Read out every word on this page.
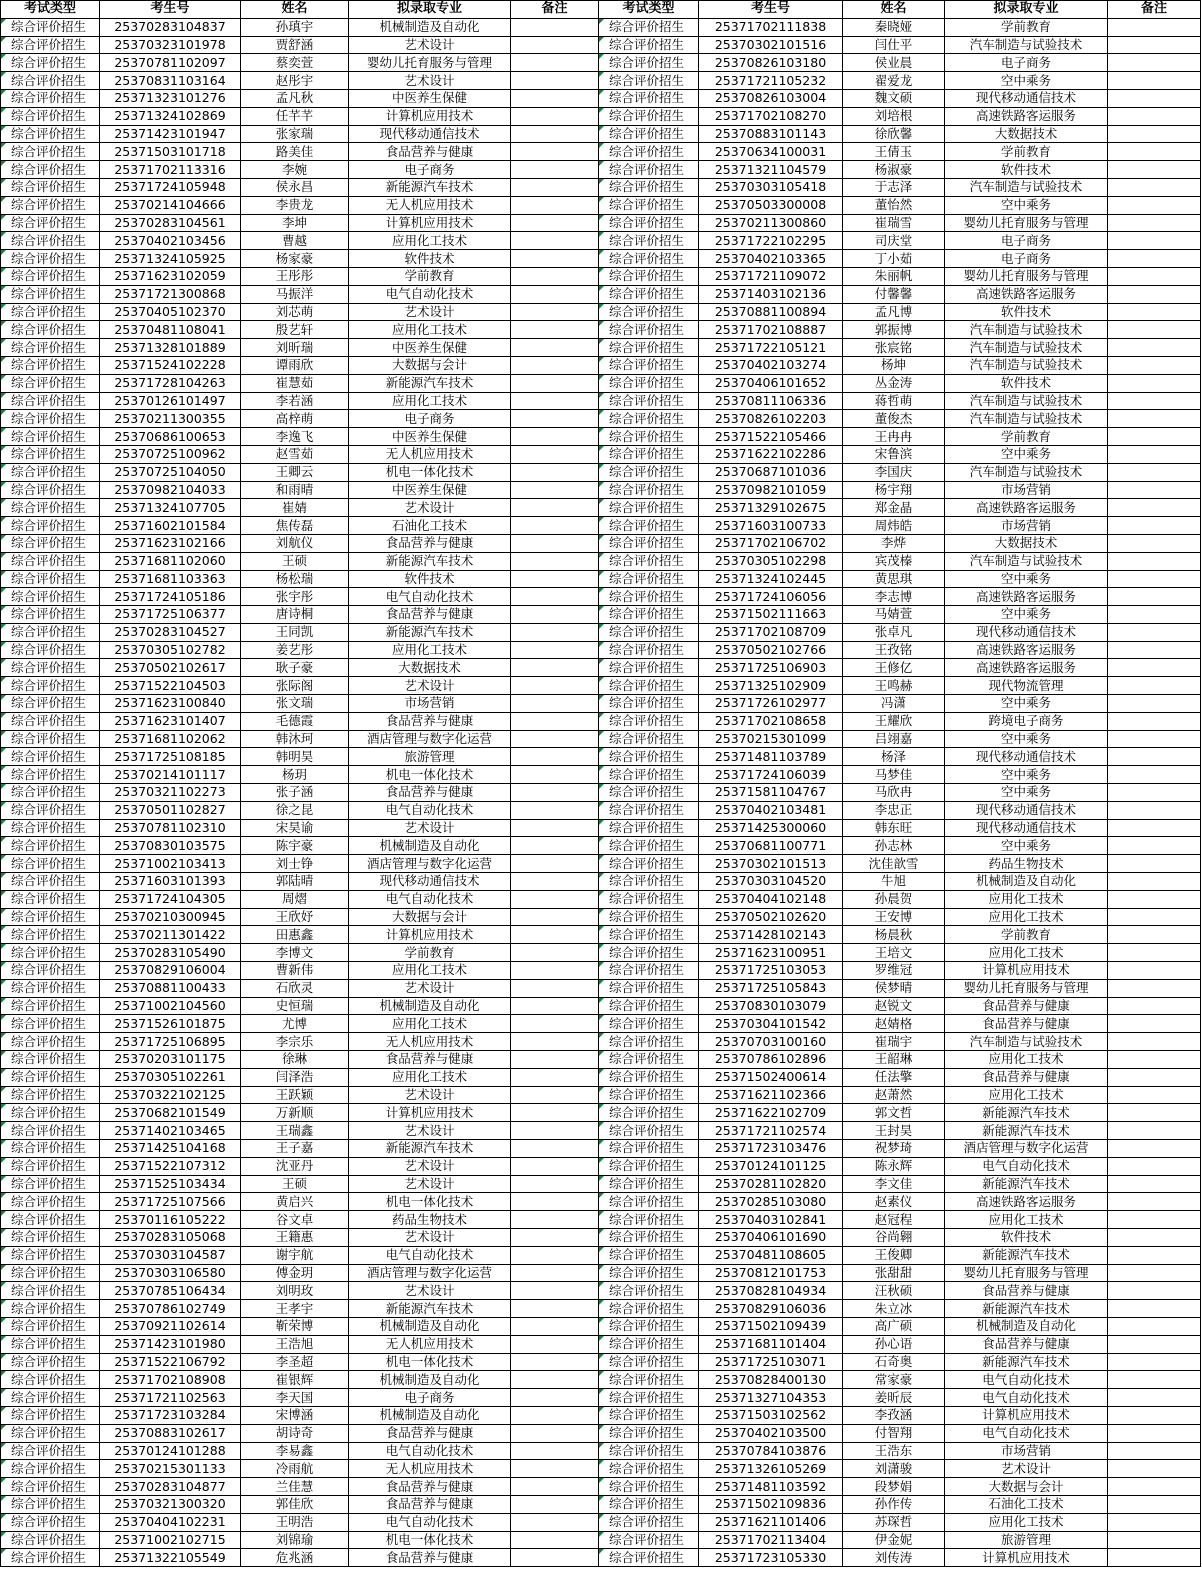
考试类型	考生号	姓名	拟录取专业	备注	考试类型	考生号	姓名	拟录取专业	备注
综合评价招生	25370283104837	孙瑱宇	机械制造及自动化		综合评价招生	25371702111838	秦晓娅	学前教育	
综合评价招生	25370323101978	贾舒涵	艺术设计		综合评价招生	25370302101516	闫仕平	汽车制造与试验技术	
综合评价招生	25370781102097	蔡奕萱	婴幼儿托育服务与管理		综合评价招生	25370826103180	侯业晨	电子商务	
综合评价招生	25370831103164	赵彤宇	艺术设计		综合评价招生	25371721105232	翟爱龙	空中乘务	
综合评价招生	25371323101276	孟凡秋	中医养生保健		综合评价招生	25370826103004	魏文硕	现代移动通信技术	
综合评价招生	25371324102869	任芊芊	计算机应用技术		综合评价招生	25371702108270	刘培根	高速铁路客运服务	
综合评价招生	25371423101947	张家瑞	现代移动通信技术		综合评价招生	25370883101143	徐欣馨	大数据技术	
综合评价招生	25371503101718	路美佳	食品营养与健康		综合评价招生	25370634100031	王倩玉	学前教育	
综合评价招生	25371702113316	李婉	电子商务		综合评价招生	25371321104579	杨淑豪	软件技术	
综合评价招生	25371724105948	侯永昌	新能源汽车技术		综合评价招生	25370303105418	于志泽	汽车制造与试验技术	
综合评价招生	25370214104666	李贵龙	无人机应用技术		综合评价招生	25370503300008	董怡然	空中乘务	
综合评价招生	25370283104561	李坤	计算机应用技术		综合评价招生	25370211300860	崔瑞雪	婴幼儿托育服务与管理	
综合评价招生	25370402103456	曹越	应用化工技术		综合评价招生	25371722102295	司庆堂	电子商务	
综合评价招生	25371324105925	杨家豪	软件技术		综合评价招生	25370402103365	丁小茹	电子商务	
综合评价招生	25371623102059	王彤彤	学前教育		综合评价招生	25371721109072	朱丽帆	婴幼儿托育服务与管理	
综合评价招生	25371721300868	马振洋	电气自动化技术		综合评价招生	25371403102136	付馨馨	高速铁路客运服务	
综合评价招生	25370405102370	刘芯萌	艺术设计		综合评价招生	25370881100894	孟凡博	软件技术	
综合评价招生	25370481108041	殷艺轩	应用化工技术		综合评价招生	25371702108887	郭振博	汽车制造与试验技术	
综合评价招生	25371328101889	刘昕瑞	中医养生保健		综合评价招生	25371722105121	张宸铭	汽车制造与试验技术	
综合评价招生	25371524102228	谭雨欣	大数据与会计		综合评价招生	25370402103274	杨坤	汽车制造与试验技术	
综合评价招生	25371728104263	崔慧茹	新能源汽车技术		综合评价招生	25370406101652	丛金涛	软件技术	
综合评价招生	25370126101497	李若涵	应用化工技术		综合评价招生	25370811106336	蒋哲萌	汽车制造与试验技术	
综合评价招生	25370211300355	高梓萌	电子商务		综合评价招生	25370826102203	董俊杰	汽车制造与试验技术	
综合评价招生	25370686100653	李逸飞	中医养生保健		综合评价招生	25371522105466	王冉冉	学前教育	
综合评价招生	25370725100962	赵雪茹	无人机应用技术		综合评价招生	25371622102286	宋鲁滨	空中乘务	
综合评价招生	25370725104050	王卿云	机电一体化技术		综合评价招生	25370687101036	李国庆	汽车制造与试验技术	
综合评价招生	25370982104033	和雨晴	中医养生保健		综合评价招生	25370982101059	杨宇翔	市场营销	
综合评价招生	25371324107705	崔婧	艺术设计		综合评价招生	25371329102675	郑金晶	高速铁路客运服务	
综合评价招生	25371602101584	焦传磊	石油化工技术		综合评价招生	25371603100733	周炜皓	市场营销	
综合评价招生	25371623102166	刘航仪	食品营养与健康		综合评价招生	25371702106702	李烨	大数据技术	
综合评价招生	25371681102060	王硕	新能源汽车技术		综合评价招生	25370305102298	宾茂榛	汽车制造与试验技术	
综合评价招生	25371681103363	杨松瑞	软件技术		综合评价招生	25371324102445	黄思琪	空中乘务	
综合评价招生	25371724105186	张宇彤	电气自动化技术		综合评价招生	25371724106056	李志博	高速铁路客运服务	
综合评价招生	25371725106377	唐诗桐	食品营养与健康		综合评价招生	25371502111663	马婧萱	空中乘务	
综合评价招生	25370283104527	王同凯	新能源汽车技术		综合评价招生	25371702108709	张卓凡	现代移动通信技术	
综合评价招生	25370305102782	姜艺彤	应用化工技术		综合评价招生	25370502102766	王孜铭	高速铁路客运服务	
综合评价招生	25370502102617	耿子豪	大数据技术		综合评价招生	25371725106903	王修亿	高速铁路客运服务	
综合评价招生	25371522104503	张际阁	艺术设计		综合评价招生	25371325102909	王鸣赫	现代物流管理	
综合评价招生	25371623100840	张文瑞	市场营销		综合评价招生	25371726102977	冯潇	空中乘务	
综合评价招生	25371623101407	毛德霞	食品营养与健康		综合评价招生	25371702108658	王耀欣	跨境电子商务	
综合评价招生	25371681102062	韩沐珂	酒店管理与数字化运营		综合评价招生	25370215301099	吕翊嘉	空中乘务	
综合评价招生	25371725108185	韩明昊	旅游管理		综合评价招生	25371481103789	杨泽	现代移动通信技术	
综合评价招生	25370214101117	杨玥	机电一体化技术		综合评价招生	25371724106039	马梦佳	空中乘务	
综合评价招生	25370321102273	张子涵	食品营养与健康		综合评价招生	25371581104767	马欣冉	空中乘务	
综合评价招生	25370501102827	徐之昆	电气自动化技术		综合评价招生	25370402103481	李忠正	现代移动通信技术	
综合评价招生	25370781102310	宋昊谕	艺术设计		综合评价招生	25371425300060	韩东旺	现代移动通信技术	
综合评价招生	25370830103575	陈宇豪	机械制造及自动化		综合评价招生	25370681100771	孙志林	空中乘务	
综合评价招生	25371002103413	刘士铮	酒店管理与数字化运营		综合评价招生	25370302101513	沈佳歆雪	药品生物技术	
综合评价招生	25371603101393	郭陆晴	现代移动通信技术		综合评价招生	25370303104520	牛旭	机械制造及自动化	
综合评价招生	25371724104305	周熠	电气自动化技术		综合评价招生	25370404102148	孙晨贺	应用化工技术	
综合评价招生	25370210300945	王欣妤	大数据与会计		综合评价招生	25370502102620	王安博	应用化工技术	
综合评价招生	25370211301422	田惠鑫	计算机应用技术		综合评价招生	25371428102143	杨晨秋	学前教育	
综合评价招生	25370283105490	李博文	学前教育		综合评价招生	25371623100951	王培文	应用化工技术	
综合评价招生	25370829106004	曹新伟	应用化工技术		综合评价招生	25371725103053	罗维冠	计算机应用技术	
综合评价招生	25370881100433	石欣灵	艺术设计		综合评价招生	25371725105843	侯梦晴	婴幼儿托育服务与管理	
综合评价招生	25371002104560	史恒瑞	机械制造及自动化		综合评价招生	25370830103079	赵锐文	食品营养与健康	
综合评价招生	25371526101875	尤博	应用化工技术		综合评价招生	25370304101542	赵婧格	食品营养与健康	
综合评价招生	25371725106895	李宗乐	无人机应用技术		综合评价招生	25370703100160	崔瑞宇	汽车制造与试验技术	
综合评价招生	25370203101175	徐琳	食品营养与健康		综合评价招生	25370786102896	王韶琳	应用化工技术	
综合评价招生	25370305102261	闫泽浩	应用化工技术		综合评价招生	25371502400614	任法擎	食品营养与健康	
综合评价招生	25370322102125	王跃颖	艺术设计		综合评价招生	25371621102366	赵萧然	应用化工技术	
综合评价招生	25370682101549	万新顺	计算机应用技术		综合评价招生	25371622102709	郭文哲	新能源汽车技术	
综合评价招生	25371402103465	王瑞鑫	艺术设计		综合评价招生	25371721102574	王封昊	新能源汽车技术	
综合评价招生	25371425104168	王子嘉	新能源汽车技术		综合评价招生	25371723103476	祝梦琦	酒店管理与数字化运营	
综合评价招生	25371522107312	沈亚丹	艺术设计		综合评价招生	25370124101125	陈永辉	电气自动化技术	
综合评价招生	25371525103434	王硕	艺术设计		综合评价招生	25370281102820	李文佳	新能源汽车技术	
综合评价招生	25371725107566	黄启兴	机电一体化技术		综合评价招生	25370285103080	赵素仪	高速铁路客运服务	
综合评价招生	25370116105222	谷文卓	药品生物技术		综合评价招生	25370403102841	赵冠程	应用化工技术	
综合评价招生	25370283105068	王籍惠	艺术设计		综合评价招生	25370406101690	谷尚翱	软件技术	
综合评价招生	25370303104587	谢宇航	电气自动化技术		综合评价招生	25370481108605	王俊卿	新能源汽车技术	
综合评价招生	25370303106580	傅金玥	酒店管理与数字化运营		综合评价招生	25370812101753	张甜甜	婴幼儿托育服务与管理	
综合评价招生	25370785106434	刘明玫	艺术设计		综合评价招生	25370828104934	汪秋硕	食品营养与健康	
综合评价招生	25370786102749	王孝宇	新能源汽车技术		综合评价招生	25370829106036	朱立冰	新能源汽车技术	
综合评价招生	25370921102614	靳荣博	机械制造及自动化		综合评价招生	25371502109439	高广硕	机械制造及自动化	
综合评价招生	25371423101980	王浩旭	无人机应用技术		综合评价招生	25371681101404	孙心语	食品营养与健康	
综合评价招生	25371522106792	李圣超	机电一体化技术		综合评价招生	25371725103071	石奇奥	新能源汽车技术	
综合评价招生	25371702108908	崔银辉	机械制造及自动化		综合评价招生	25370828400130	常家豪	电气自动化技术	
综合评价招生	25371721102563	李天国	电子商务		综合评价招生	25371327104353	姜昕辰	电气自动化技术	
综合评价招生	25371723103284	宋博涵	机械制造及自动化		综合评价招生	25371503102562	李孜涵	计算机应用技术	
综合评价招生	25370883102617	胡诗奇	食品营养与健康		综合评价招生	25370402103500	付智翔	电气自动化技术	
综合评价招生	25370124101288	李易鑫	电气自动化技术		综合评价招生	25370784103876	王浩东	市场营销	
综合评价招生	25370215301133	冷雨航	无人机应用技术		综合评价招生	25371326105269	刘潇骏	艺术设计	
综合评价招生	25370283104877	兰佳慧	食品营养与健康		综合评价招生	25371481103592	段梦娟	大数据与会计	
综合评价招生	25370321300320	郭佳欣	食品营养与健康		综合评价招生	25371502109836	孙作传	石油化工技术	
综合评价招生	25370404102231	王明浩	电气自动化技术		综合评价招生	25371621101406	苏琛哲	应用化工技术	
综合评价招生	25371002102715	刘锦瑜	机电一体化技术		综合评价招生	25371702113404	伊金妮	旅游管理	
综合评价招生	25371322105549	危兆涵	食品营养与健康		综合评价招生	25371723105330	刘传涛	计算机应用技术	
